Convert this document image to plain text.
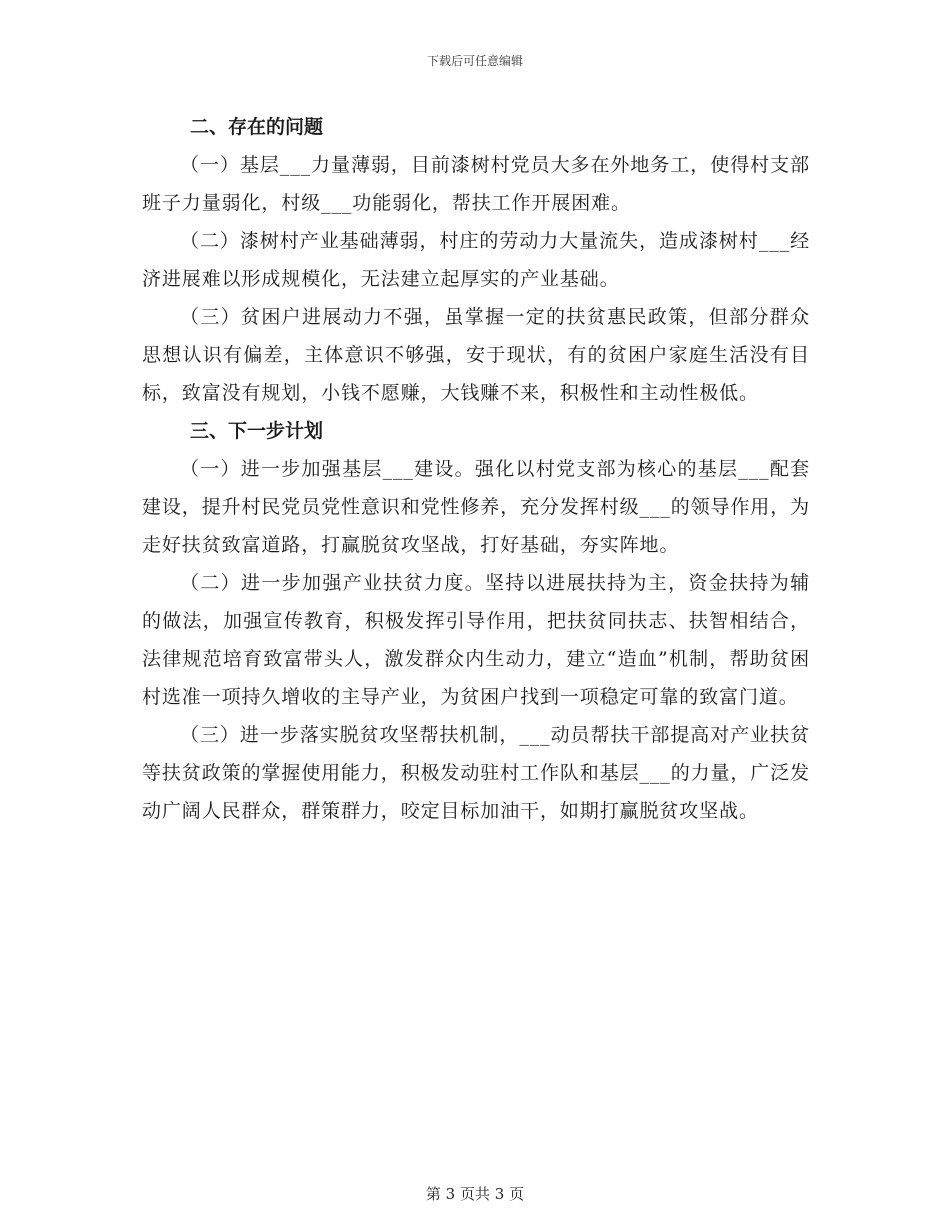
下载后可任意编辑
二、存在的问题

（一）基层___力量薄弱，目前漆树村党员大多在外地务工，使得村支部班子力量弱化，村级___功能弱化，帮扶工作开展困难。

（二）漆树村产业基础薄弱，村庄的劳动力大量流失，造成漆树村___经济进展难以形成规模化，无法建立起厚实的产业基础。

（三）贫困户进展动力不强，虽掌握一定的扶贫惠民政策，但部分群众思想认识有偏差，主体意识不够强，安于现状，有的贫困户家庭生活没有目标，致富没有规划，小钱不愿赚，大钱赚不来，积极性和主动性极低。

三、下一步计划

（一）进一步加强基层___建设。强化以村党支部为核心的基层___配套建设，提升村民党员党性意识和党性修养，充分发挥村级___的领导作用，为走好扶贫致富道路，打赢脱贫攻坚战，打好基础，夯实阵地。

（二）进一步加强产业扶贫力度。坚持以进展扶持为主，资金扶持为辅的做法，加强宣传教育，积极发挥引导作用，把扶贫同扶志、扶智相结合，法律规范培育致富带头人，激发群众内生动力，建立“造血”机制，帮助贫困村选准一项持久增收的主导产业，为贫困户找到一项稳定可靠的致富门道。

（三）进一步落实脱贫攻坚帮扶机制，___动员帮扶干部提高对产业扶贫等扶贫政策的掌握使用能力，积极发动驻村工作队和基层___的力量，广泛发动广阔人民群众，群策群力，咬定目标加油干，如期打赢脱贫攻坚战。

第 3 页共 3 页
